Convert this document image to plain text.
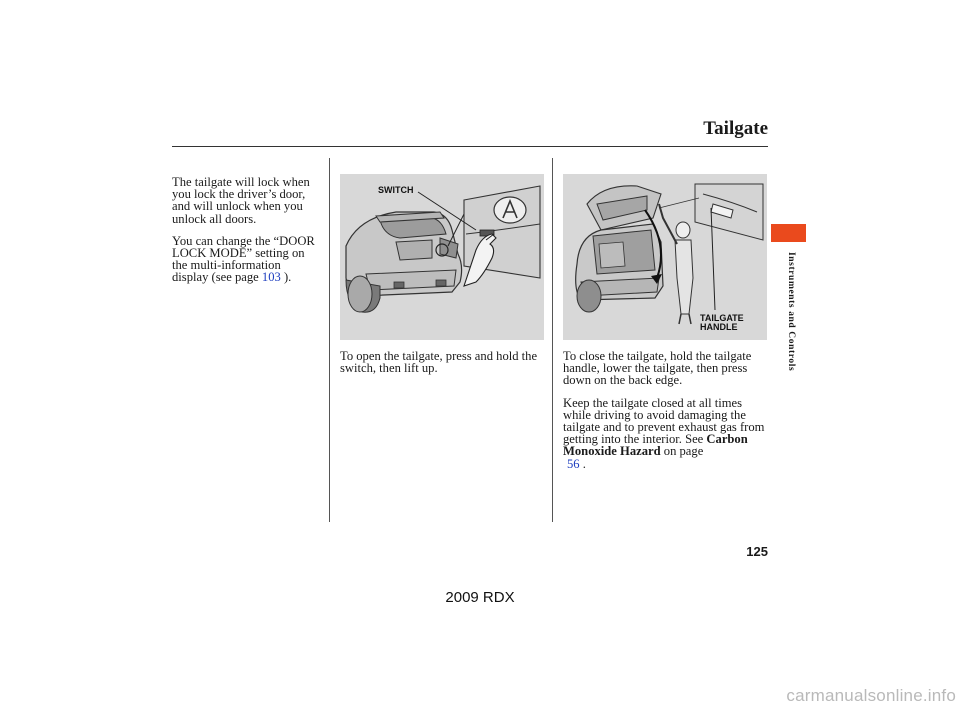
Tailgate

The tailgate will lock when you lock the driver’s door, and will unlock when you unlock all doors.

You can change the “DOOR LOCK MODE” setting on the multi-information display (see page 103 ).

SWITCH

To open the tailgate, press and hold the switch, then lift up.

TAILGATE HANDLE

To close the tailgate, hold the tailgate handle, lower the tailgate, then press down on the back edge.

Keep the tailgate closed at all times while driving to avoid damaging the tailgate and to prevent exhaust gas from getting into the interior. See Carbon Monoxide Hazard on page
56 .

Instruments and Controls
125
2009 RDX
carmanualsonline.info
